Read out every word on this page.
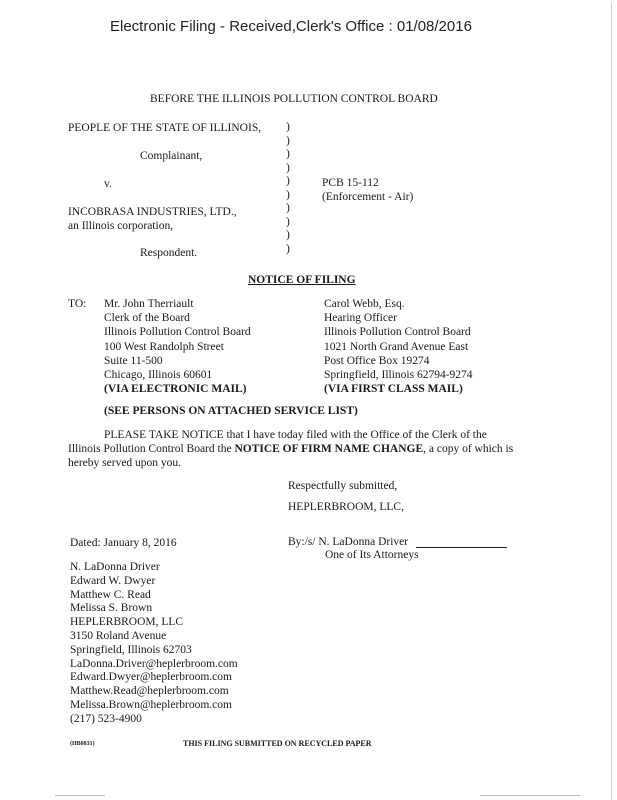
Electronic Filing - Received,Clerk's Office : 01/08/2016
BEFORE THE ILLINOIS POLLUTION CONTROL BOARD
PEOPLE OF THE STATE OF ILLINOIS,
Complainant,
v.
INCOBRASA INDUSTRIES, LTD.,
an Illinois corporation,
Respondent.
)
)
)
)
)
)
)
)
)
)
PCB 15-112
(Enforcement - Air)
NOTICE OF FILING
TO: Mr. John Therriault
Clerk of the Board
Illinois Pollution Control Board
100 West Randolph Street
Suite 11-500
Chicago, Illinois 60601
(VIA ELECTRONIC MAIL)
Carol Webb, Esq.
Hearing Officer
Illinois Pollution Control Board
1021 North Grand Avenue East
Post Office Box 19274
Springfield, Illinois 62794-9274
(VIA FIRST CLASS MAIL)
(SEE PERSONS ON ATTACHED SERVICE LIST)
PLEASE TAKE NOTICE that I have today filed with the Office of the Clerk of the
Illinois Pollution Control Board the NOTICE OF FIRM NAME CHANGE, a copy of which is
hereby served upon you.
Respectfully submitted,
HEPLERBROOM, LLC,
Dated: January 8, 2016	By:/s/ N. LaDonna Driver
One of Its Attorneys
N. LaDonna Driver
Edward W. Dwyer
Matthew C. Read
Melissa S. Brown
HEPLERBROOM, LLC
3150 Roland Avenue
Springfield, Illinois 62703
LaDonna.Driver@heplerbroom.com
Edward.Dwyer@heplerbroom.com
Matthew.Read@heplerbroom.com
Melissa.Brown@heplerbroom.com
(217) 523-4900
(HB0831)	THIS FILING SUBMITTED ON RECYCLED PAPER
